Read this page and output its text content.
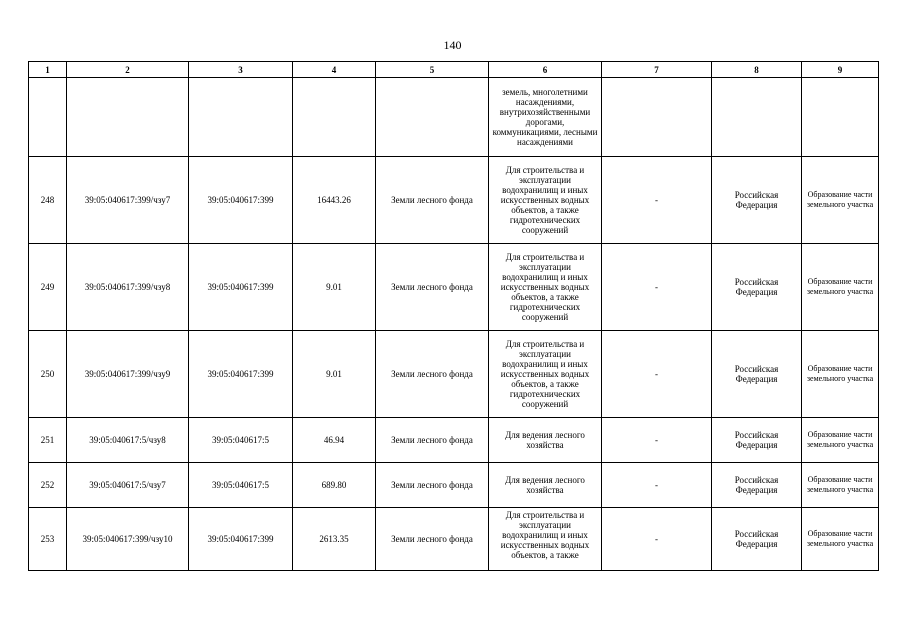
140
1	2	3	4	5	6	7	8	9
					земель, многолетними насаждениями, внутрихозяйственными дорогами, коммуникациями, лесными насаждениями			
248	39:05:040617:399/чзу7	39:05:040617:399	16443.26	Земли лесного фонда	Для строительства и эксплуатации водохранилищ и иных искусственных водных объектов, а также гидротехнических сооружений	-	Российская Федерация	Образование части земельного участка
249	39:05:040617:399/чзу8	39:05:040617:399	9.01	Земли лесного фонда	Для строительства и эксплуатации водохранилищ и иных искусственных водных объектов, а также гидротехнических сооружений	-	Российская Федерация	Образование части земельного участка
250	39:05:040617:399/чзу9	39:05:040617:399	9.01	Земли лесного фонда	Для строительства и эксплуатации водохранилищ и иных искусственных водных объектов, а также гидротехнических сооружений	-	Российская Федерация	Образование части земельного участка
251	39:05:040617:5/чзу8	39:05:040617:5	46.94	Земли лесного фонда	Для ведения лесного хозяйства	-	Российская Федерация	Образование части земельного участка
252	39:05:040617:5/чзу7	39:05:040617:5	689.80	Земли лесного фонда	Для ведения лесного хозяйства	-	Российская Федерация	Образование части земельного участка
253	39:05:040617:399/чзу10	39:05:040617:399	2613.35	Земли лесного фонда	Для строительства и эксплуатации водохранилищ и иных искусственных водных объектов, а также	-	Российская Федерация	Образование части земельного участка
